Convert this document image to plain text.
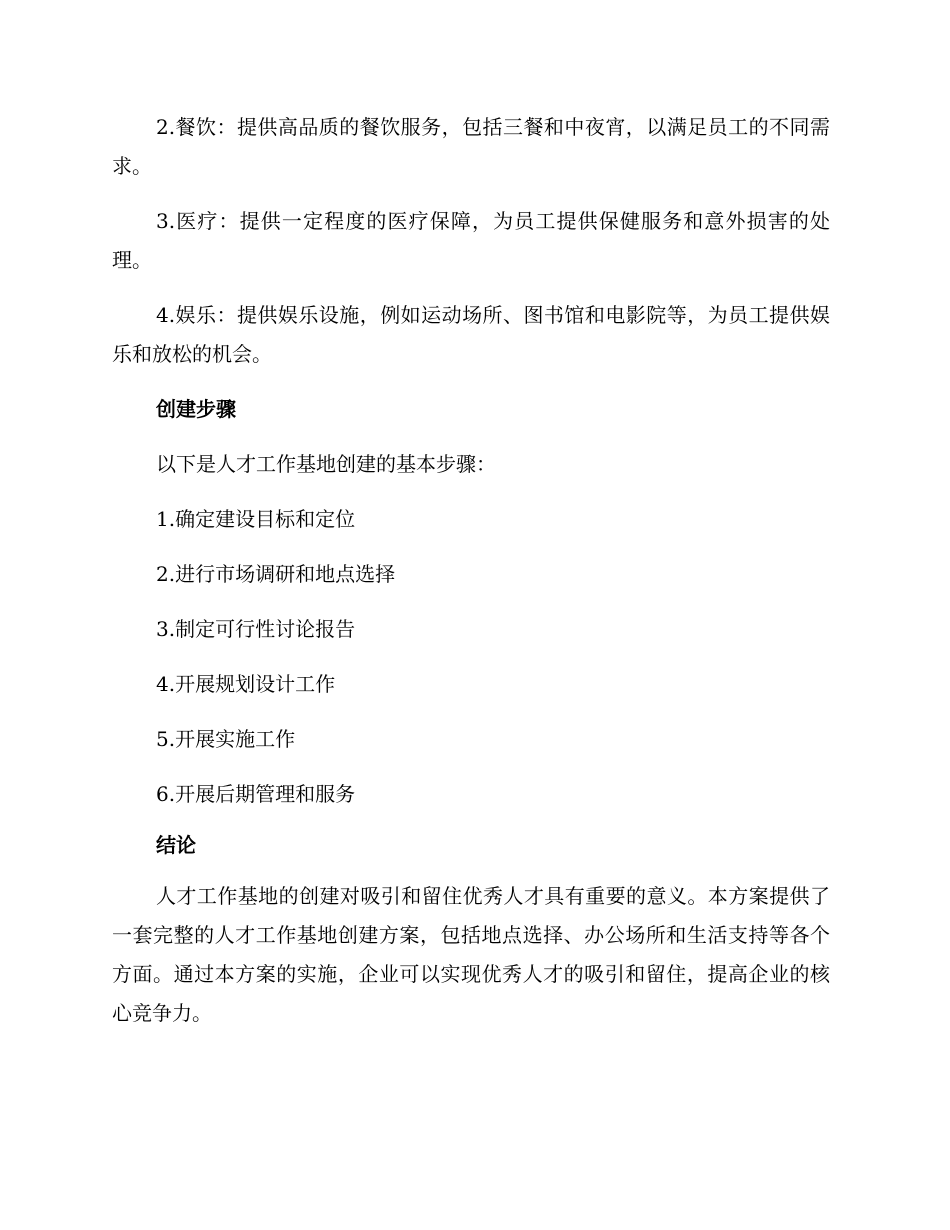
2.餐饮：提供高品质的餐饮服务，包括三餐和中夜宵，以满足员工的不同需求。

3.医疗：提供一定程度的医疗保障，为员工提供保健服务和意外损害的处理。

4.娱乐：提供娱乐设施，例如运动场所、图书馆和电影院等，为员工提供娱乐和放松的机会。

创建步骤
以下是人才工作基地创建的基本步骤：
1.确定建设目标和定位
2.进行市场调研和地点选择
3.制定可行性讨论报告
4.开展规划设计工作
5.开展实施工作
6.开展后期管理和服务
结论

人才工作基地的创建对吸引和留住优秀人才具有重要的意义。本方案提供了一套完整的人才工作基地创建方案，包括地点选择、办公场所和生活支持等各个方面。通过本方案的实施，企业可以实现优秀人才的吸引和留住，提高企业的核心竞争力。
